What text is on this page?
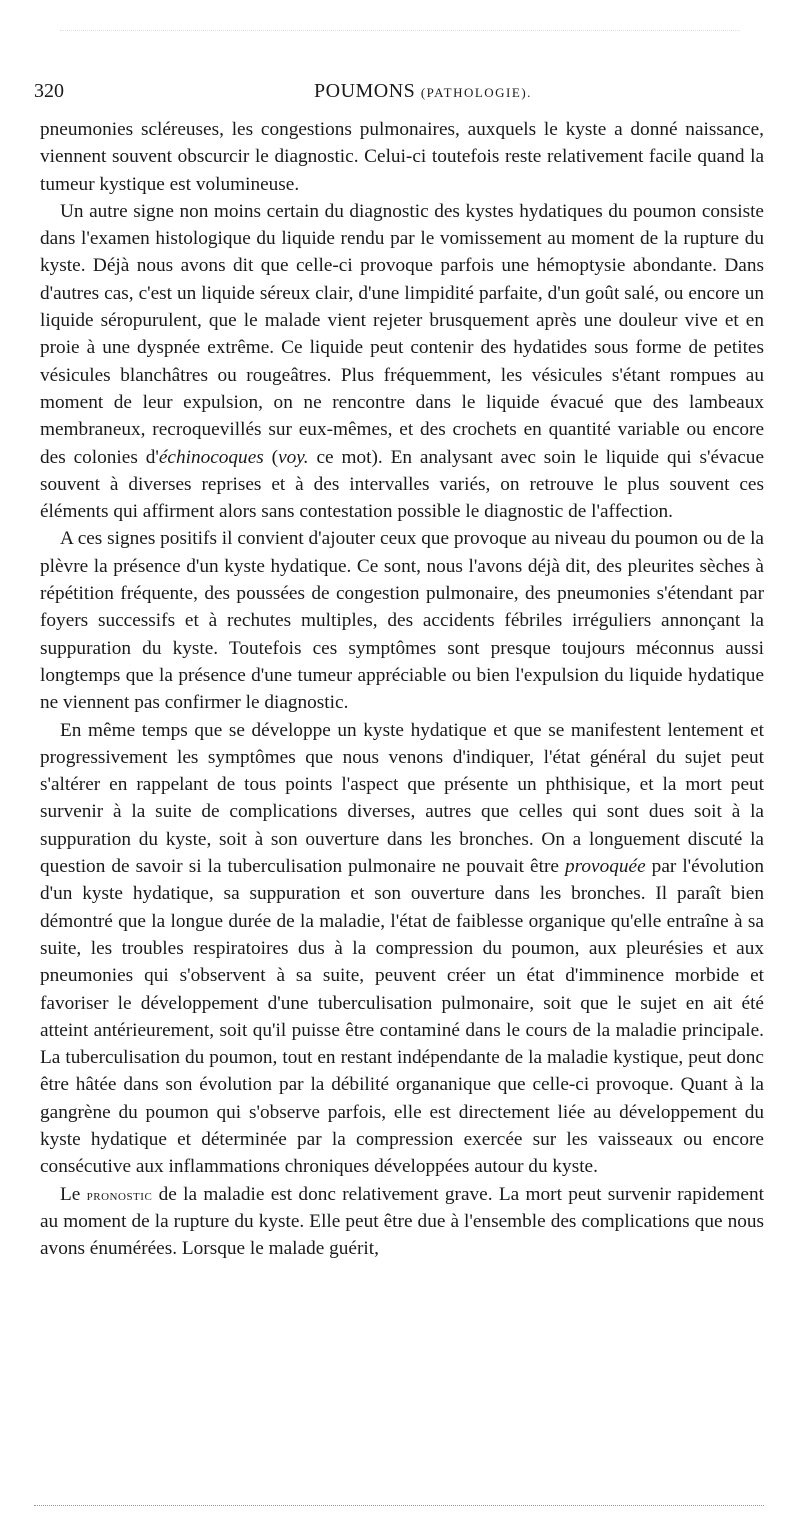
320	POUMONS (PATHOLOGIE).

pneumonies scléreuses, les congestions pulmonaires, auxquels le kyste a donné naissance, viennent souvent obscurcir le diagnostic. Celui-ci toutefois reste relativement facile quand la tumeur kystique est volumineuse.

Un autre signe non moins certain du diagnostic des kystes hydatiques du poumon consiste dans l'examen histologique du liquide rendu par le vomissement au moment de la rupture du kyste. Déjà nous avons dit que celle-ci provoque parfois une hémoptysie abondante. Dans d'autres cas, c'est un liquide séreux clair, d'une limpidité parfaite, d'un goût salé, ou encore un liquide séropurulent, que le malade vient rejeter brusquement après une douleur vive et en proie à une dyspnée extrême. Ce liquide peut contenir des hydatides sous forme de petites vésicules blanchâtres ou rougeâtres. Plus fréquemment, les vésicules s'étant rompues au moment de leur expulsion, on ne rencontre dans le liquide évacué que des lambeaux membraneux, recroquevillés sur eux-mêmes, et des crochets en quantité variable ou encore des colonies d'échinocoques (voy. ce mot). En analysant avec soin le liquide qui s'évacue souvent à diverses reprises et à des intervalles variés, on retrouve le plus souvent ces éléments qui affirment alors sans contestation possible le diagnostic de l'affection.

A ces signes positifs il convient d'ajouter ceux que provoque au niveau du poumon ou de la plèvre la présence d'un kyste hydatique. Ce sont, nous l'avons déjà dit, des pleurites sèches à répétition fréquente, des poussées de congestion pulmonaire, des pneumonies s'étendant par foyers successifs et à rechutes multiples, des accidents fébriles irréguliers annonçant la suppuration du kyste. Toutefois ces symptômes sont presque toujours méconnus aussi longtemps que la présence d'une tumeur appréciable ou bien l'expulsion du liquide hydatique ne viennent pas confirmer le diagnostic.

En même temps que se développe un kyste hydatique et que se manifestent lentement et progressivement les symptômes que nous venons d'indiquer, l'état général du sujet peut s'altérer en rappelant de tous points l'aspect que présente un phthisique, et la mort peut survenir à la suite de complications diverses, autres que celles qui sont dues soit à la suppuration du kyste, soit à son ouverture dans les bronches. On a longuement discuté la question de savoir si la tuberculisation pulmonaire ne pouvait être provoquée par l'évolution d'un kyste hydatique, sa suppuration et son ouverture dans les bronches. Il paraît bien démontré que la longue durée de la maladie, l'état de faiblesse organique qu'elle entraîne à sa suite, les troubles respiratoires dus à la compression du poumon, aux pleurésies et aux pneumonies qui s'observent à sa suite, peuvent créer un état d'imminence morbide et favoriser le développement d'une tuberculisation pulmonaire, soit que le sujet en ait été atteint antérieurement, soit qu'il puisse être contaminé dans le cours de la maladie principale. La tuberculisation du poumon, tout en restant indépendante de la maladie kystique, peut donc être hâtée dans son évolution par la débilité organanique que celle-ci provoque. Quant à la gangrène du poumon qui s'observe parfois, elle est directement liée au développement du kyste hydatique et déterminée par la compression exercée sur les vaisseaux ou encore consécutive aux inflammations chroniques développées autour du kyste.

Le pronostic de la maladie est donc relativement grave. La mort peut survenir rapidement au moment de la rupture du kyste. Elle peut être due à l'ensemble des complications que nous avons énumérées. Lorsque le malade guérit,
